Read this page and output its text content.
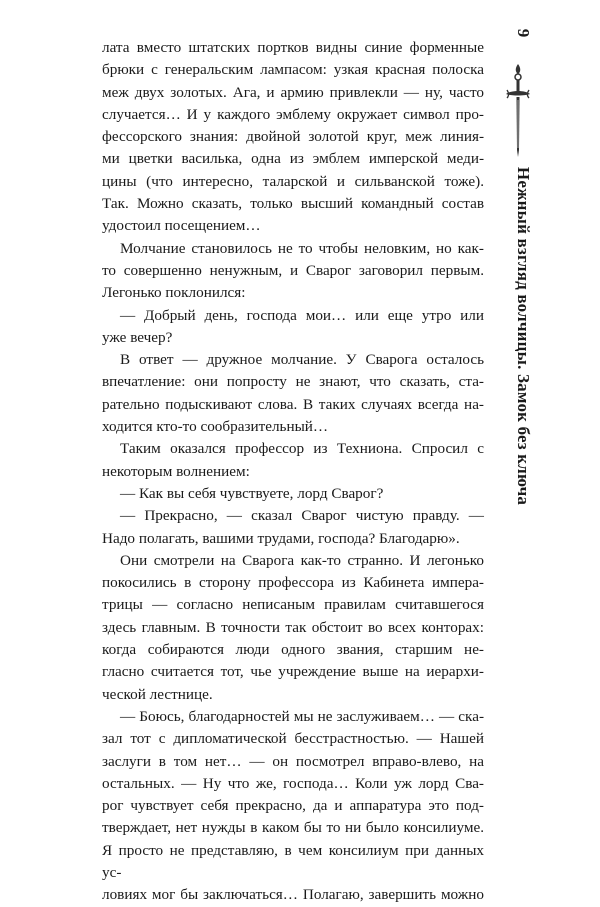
лата вместо штатских портков видны синие форменные

брюки с генеральским лампасом: узкая красная полоска

меж двух золотых. Ага, и армию привлекли — ну, часто

случается… И у каждого эмблему окружает символ про-

фессорского знания: двойной золотой круг, меж линия-

ми цветки василька, одна из эмблем имперской меди-

цины (что интересно, таларской и сильванской тоже).

Так. Можно сказать, только высший командный состав

удостоил посещением…

Молчание становилось не то чтобы неловким, но как-

то совершенно ненужным, и Сварог заговорил первым.

Легонько поклонился:

— Добрый день, господа мои… или еще утро или

уже вечер?

В ответ — дружное молчание. У Сварога осталось

впечатление: они попросту не знают, что сказать, ста-

рательно подыскивают слова. В таких случаях всегда на-

ходится кто-то сообразительный…

Таким оказался профессор из Техниона. Спросил с

некоторым волнением:

— Как вы себя чувствуете, лорд Сварог?

— Прекрасно, — сказал Сварог чистую правду. —

Надо полагать, вашими трудами, господа? Благодарю».

Они смотрели на Сварога как-то странно. И легонько

покосились в сторону профессора из Кабинета импера-

трицы — согласно неписаным правилам считавшегося

здесь главным. В точности так обстоит во всех конторах:

когда собираются люди одного звания, старшим не-

гласно считается тот, чье учреждение выше на иерархи-

ческой лестнице.

— Боюсь, благодарностей мы не заслуживаем… — ска-

зал тот с дипломатической бесстрастностью. — Нашей

заслуги в том нет… — он посмотрел вправо-влево, на

остальных. — Ну что же, господа… Коли уж лорд Сва-

рог чувствует себя прекрасно, да и аппаратура это под-

тверждает, нет нужды в каком бы то ни было консилиуме.

Я просто не представляю, в чем консилиум при данных ус-

ловиях мог бы заключаться… Полагаю, завершить можно

9
Нежный взгляд волчицы. Замок без ключа
